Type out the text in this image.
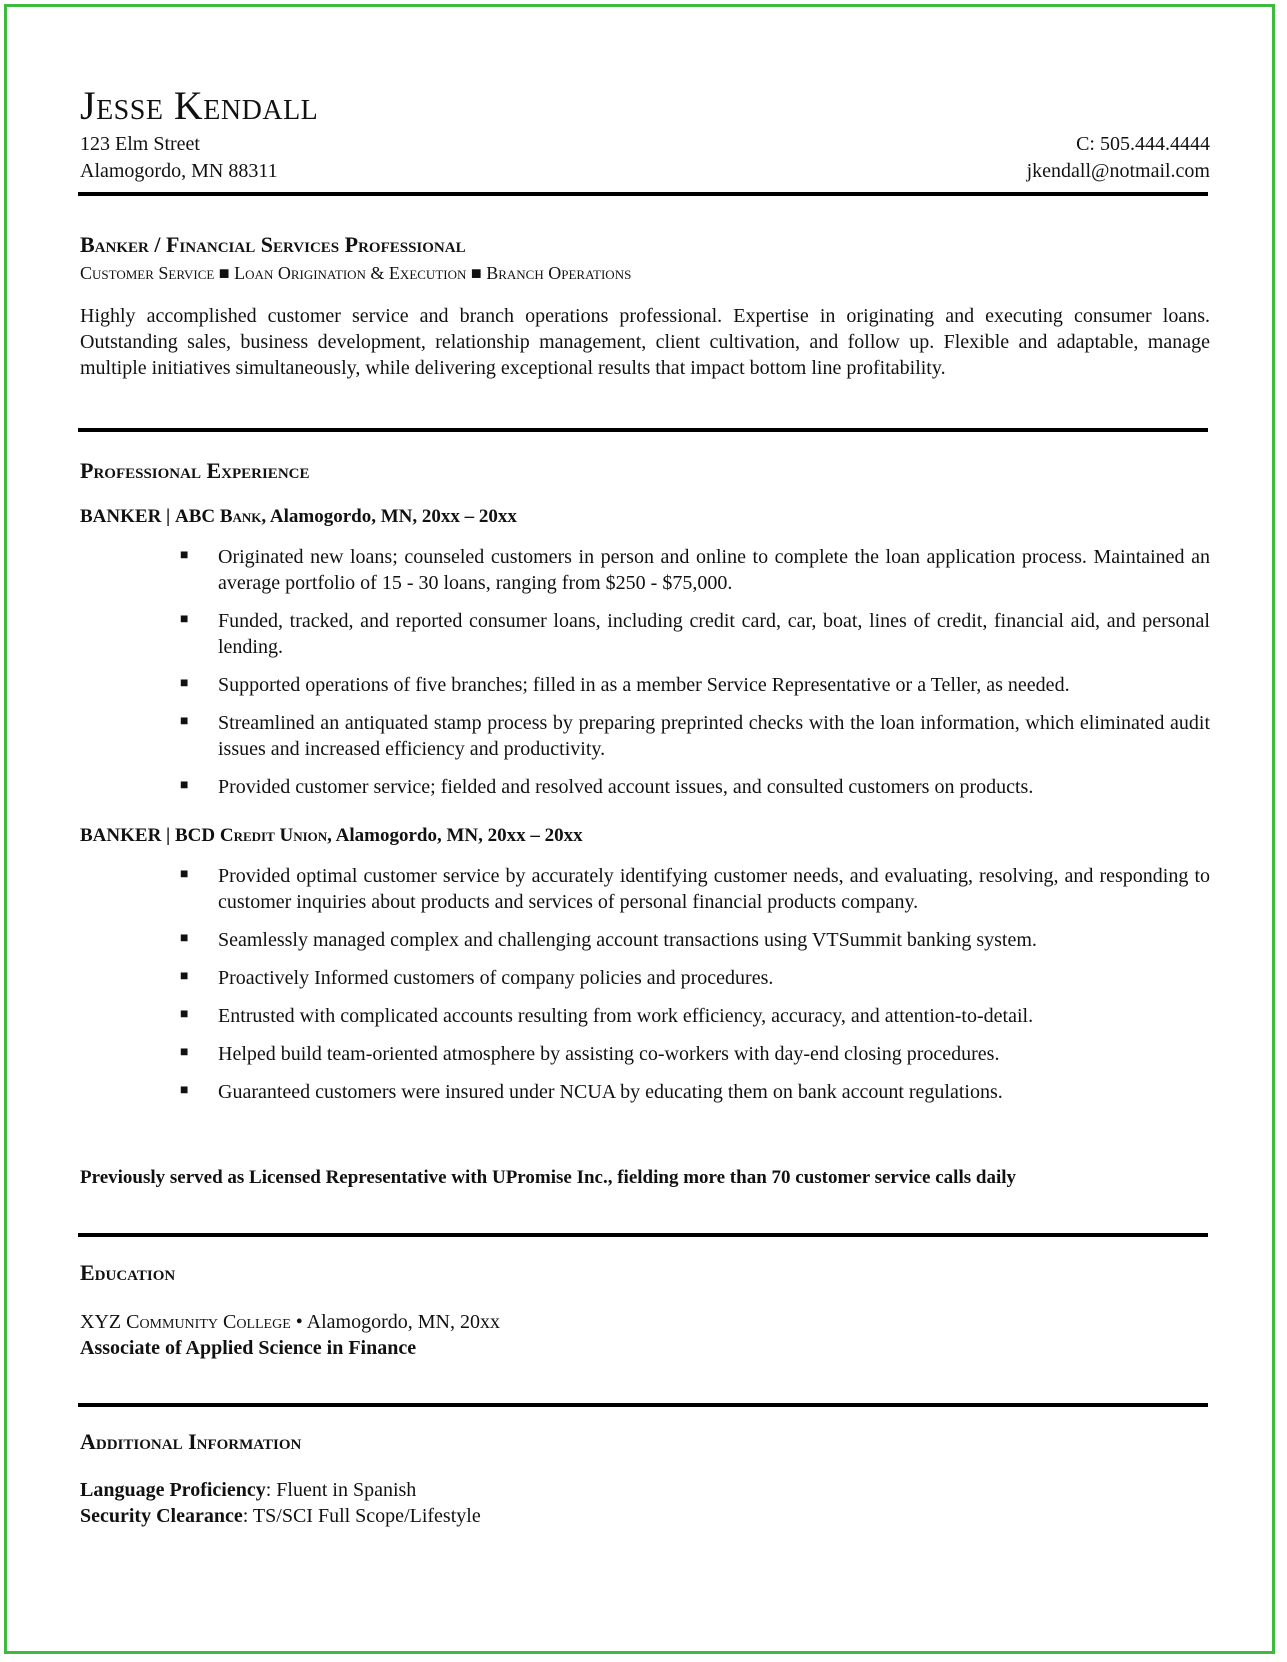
Jesse Kendall
123 Elm Street
Alamogordo, MN 88311
C: 505.444.4444
jkendall@notmail.com
Banker / Financial Services Professional
Customer Service ■ Loan Origination & Execution ■ Branch Operations

Highly accomplished customer service and branch operations professional. Expertise in originating and executing consumer loans. Outstanding sales, business development, relationship management, client cultivation, and follow up. Flexible and adaptable, manage multiple initiatives simultaneously, while delivering exceptional results that impact bottom line profitability.

Professional Experience
BANKER | ABC Bank, Alamogordo, MN, 20xx – 20xx
■ Originated new loans; counseled customers in person and online to complete the loan application process. Maintained an average portfolio of 15 - 30 loans, ranging from $250 - $75,000.
■ Funded, tracked, and reported consumer loans, including credit card, car, boat, lines of credit, financial aid, and personal lending.
■ Supported operations of five branches; filled in as a member Service Representative or a Teller, as needed.
■ Streamlined an antiquated stamp process by preparing preprinted checks with the loan information, which eliminated audit issues and increased efficiency and productivity.
■ Provided customer service; fielded and resolved account issues, and consulted customers on products.
BANKER | BCD Credit Union, Alamogordo, MN, 20xx – 20xx
■ Provided optimal customer service by accurately identifying customer needs, and evaluating, resolving, and responding to customer inquiries about products and services of personal financial products company.
■ Seamlessly managed complex and challenging account transactions using VTSummit banking system.
■ Proactively Informed customers of company policies and procedures.
■ Entrusted with complicated accounts resulting from work efficiency, accuracy, and attention-to-detail.
■ Helped build team-oriented atmosphere by assisting co-workers with day-end closing procedures.
■ Guaranteed customers were insured under NCUA by educating them on bank account regulations.
Previously served as Licensed Representative with UPromise Inc., fielding more than 70 customer service calls daily
Education
XYZ Community College • Alamogordo, MN, 20xx
Associate of Applied Science in Finance
Additional Information
Language Proficiency: Fluent in Spanish
Security Clearance: TS/SCI Full Scope/Lifestyle
